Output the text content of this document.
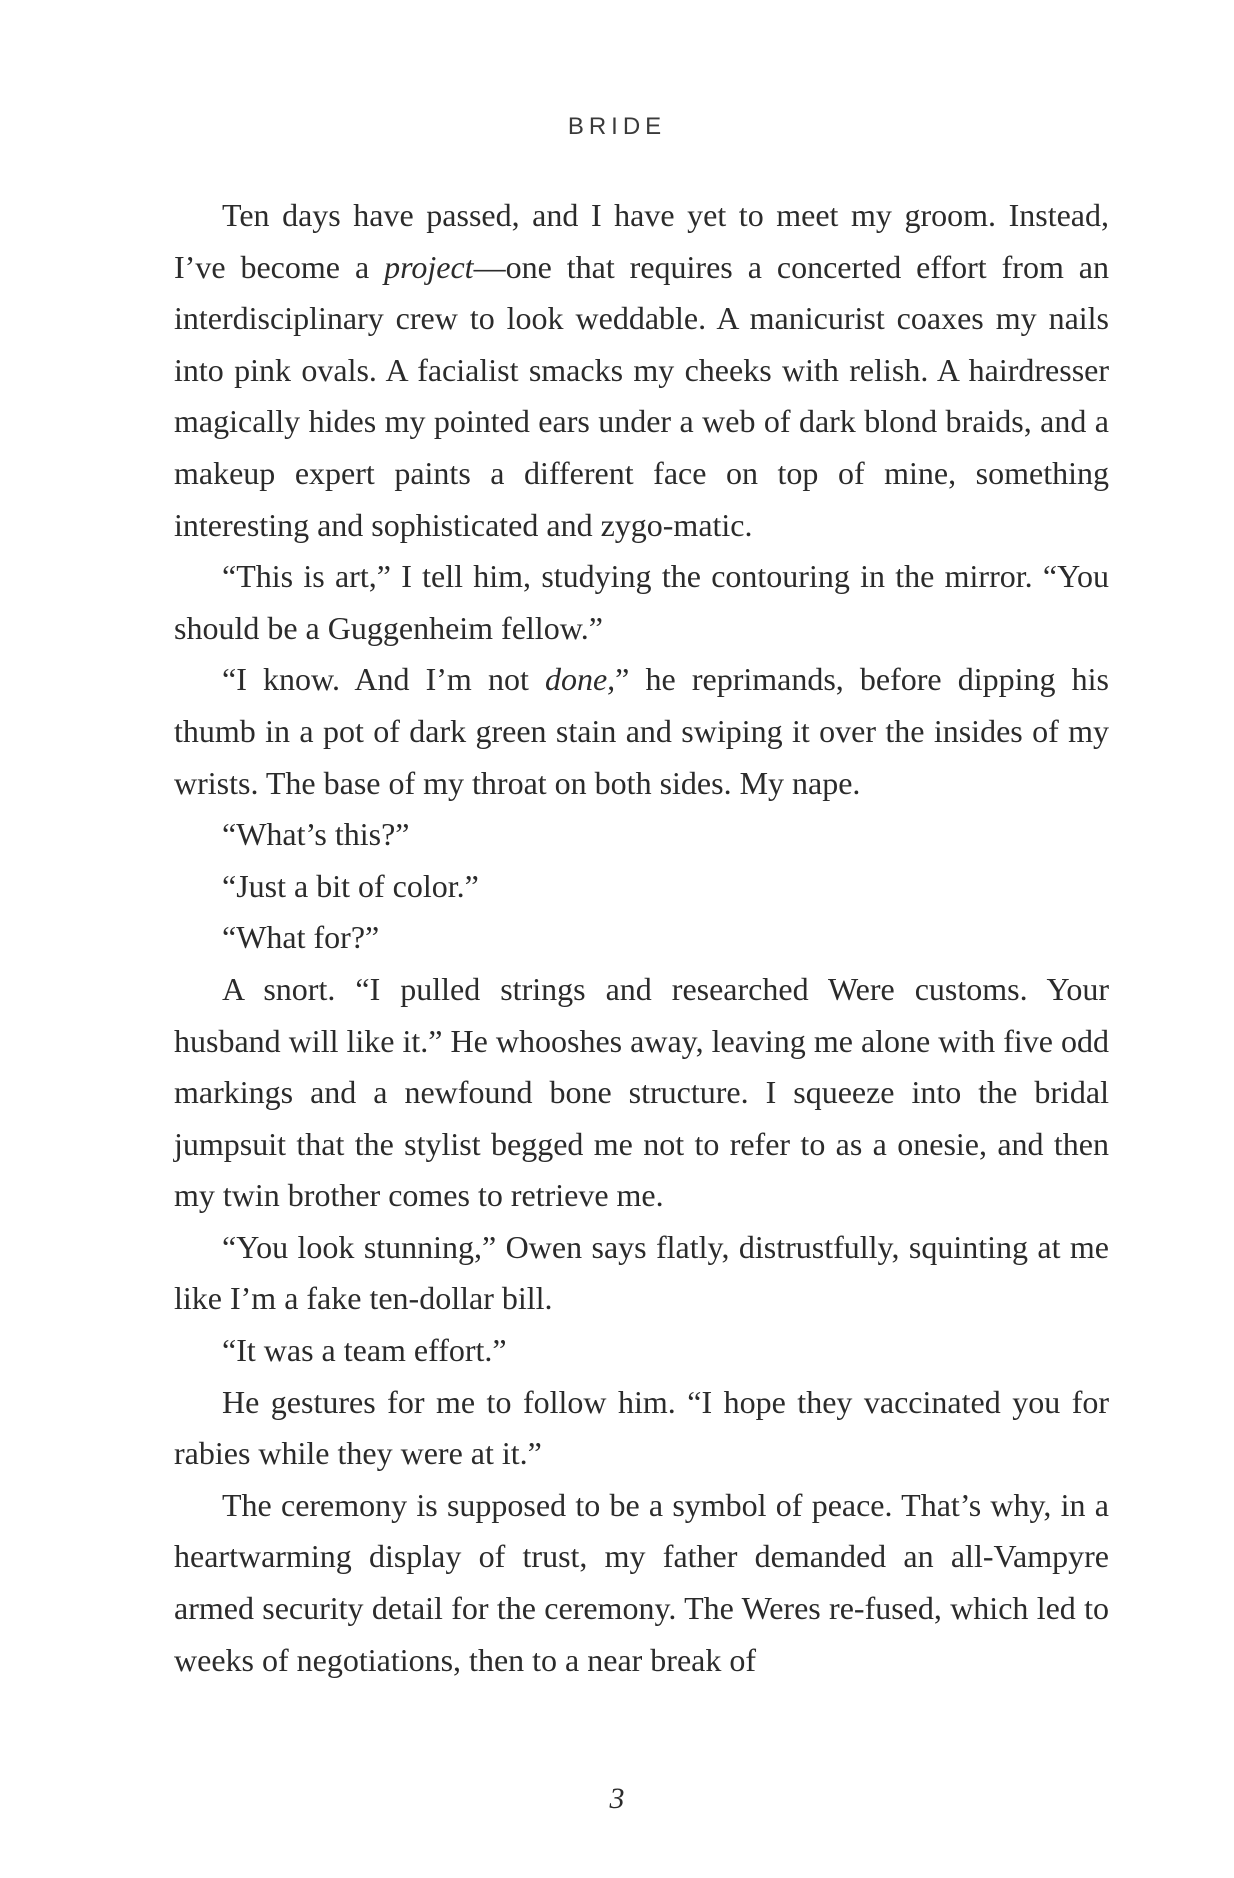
BRIDE

Ten days have passed, and I have yet to meet my groom. Instead, I’ve become a project—one that requires a concerted effort from an interdisciplinary crew to look weddable. A manicurist coaxes my nails into pink ovals. A facialist smacks my cheeks with relish. A hairdresser magically hides my pointed ears under a web of dark blond braids, and a makeup expert paints a different face on top of mine, something interesting and sophisticated and zygo-matic.

“This is art,” I tell him, studying the contouring in the mirror. “You should be a Guggenheim fellow.”

“I know. And I’m not done,” he reprimands, before dipping his thumb in a pot of dark green stain and swiping it over the insides of my wrists. The base of my throat on both sides. My nape.

“What’s this?”

“Just a bit of color.”

“What for?”

A snort. “I pulled strings and researched Were customs. Your husband will like it.” He whooshes away, leaving me alone with five odd markings and a newfound bone structure. I squeeze into the bridal jumpsuit that the stylist begged me not to refer to as a onesie, and then my twin brother comes to retrieve me.

“You look stunning,” Owen says flatly, distrustfully, squinting at me like I’m a fake ten-dollar bill.

“It was a team effort.”

He gestures for me to follow him. “I hope they vaccinated you for rabies while they were at it.”

The ceremony is supposed to be a symbol of peace. That’s why, in a heartwarming display of trust, my father demanded an all-Vampyre armed security detail for the ceremony. The Weres re-fused, which led to weeks of negotiations, then to a near break of

3
